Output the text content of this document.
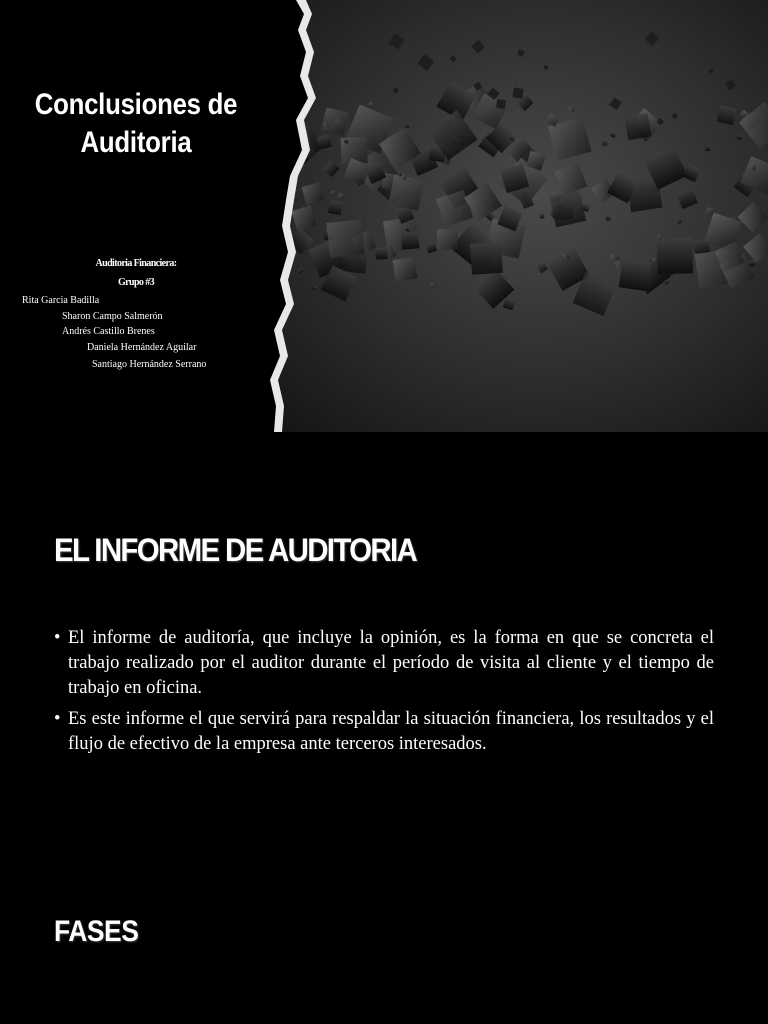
Conclusiones de
Auditoria
Auditoria Financiera:
Grupo #3
Rita Garcia Badilla
Sharon Campo Salmerón
Andrés Castillo Brenes
Daniela Hernández Aguilar
Santiago Hernández Serrano
EL INFORME DE AUDITORIA
• El informe de auditoría, que incluye la opinión, es la forma en que se concreta el trabajo realizado por el auditor durante el período de visita al cliente y el tiempo de trabajo en oficina.
• Es este informe el que servirá para respaldar la situación financiera, los resultados y el flujo de efectivo de la empresa ante terceros interesados.
FASES
